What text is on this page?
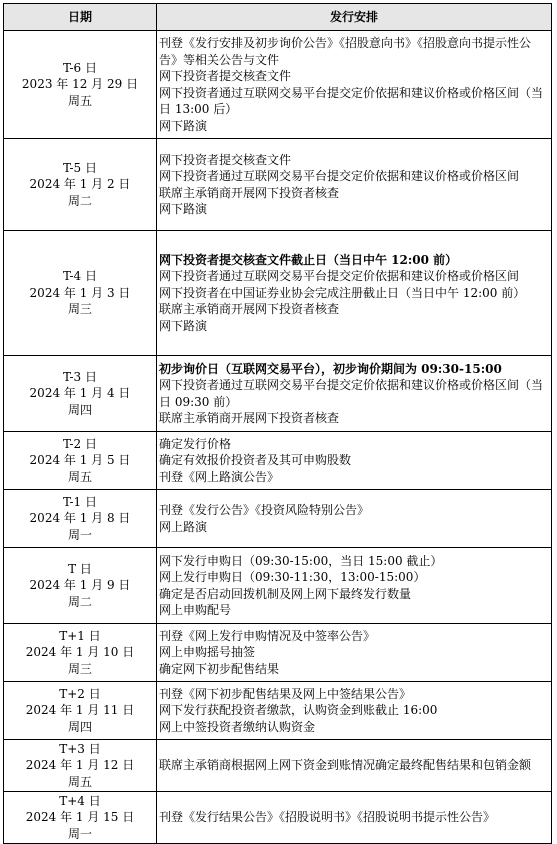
日期	发行安排

T-6 日
2023 年 12 月 29 日
周五	刊登《发行安排及初步询价公告》《招股意向书》《招股意向书提示性公告》等相关公告与文件
网下投资者提交核查文件
网下投资者通过互联网交易平台提交定价依据和建议价格或价格区间（当日 13:00 后）
网下路演

T-5 日
2024 年 1 月 2 日
周二	网下投资者提交核查文件
网下投资者通过互联网交易平台提交定价依据和建议价格或价格区间
联席主承销商开展网下投资者核查
网下路演

T-4 日
2024 年 1 月 3 日
周三	网下投资者提交核查文件截止日（当日中午 12:00 前）
网下投资者通过互联网交易平台提交定价依据和建议价格或价格区间
网下投资者在中国证券业协会完成注册截止日（当日中午 12:00 前）
联席主承销商开展网下投资者核查
网下路演

T-3 日
2024 年 1 月 4 日
周四	初步询价日（互联网交易平台），初步询价期间为 09:30-15:00
网下投资者通过互联网交易平台提交定价依据和建议价格或价格区间（当日 09:30 前）
联席主承销商开展网下投资者核查

T-2 日
2024 年 1 月 5 日
周五	确定发行价格
确定有效报价投资者及其可申购股数
刊登《网上路演公告》

T-1 日
2024 年 1 月 8 日
周一	刊登《发行公告》《投资风险特别公告》
网上路演

T 日
2024 年 1 月 9 日
周二	网下发行申购日（09:30-15:00，当日 15:00 截止）
网上发行申购日（09:30-11:30，13:00-15:00）
确定是否启动回拨机制及网上网下最终发行数量
网上申购配号

T+1 日
2024 年 1 月 10 日
周三	刊登《网上发行申购情况及中签率公告》
网上申购摇号抽签
确定网下初步配售结果

T+2 日
2024 年 1 月 11 日
周四	刊登《网下初步配售结果及网上中签结果公告》
网下发行获配投资者缴款，认购资金到账截止 16:00
网上中签投资者缴纳认购资金

T+3 日
2024 年 1 月 12 日
周五	联席主承销商根据网上网下资金到账情况确定最终配售结果和包销金额

T+4 日
2024 年 1 月 15 日
周一	刊登《发行结果公告》《招股说明书》《招股说明书提示性公告》
